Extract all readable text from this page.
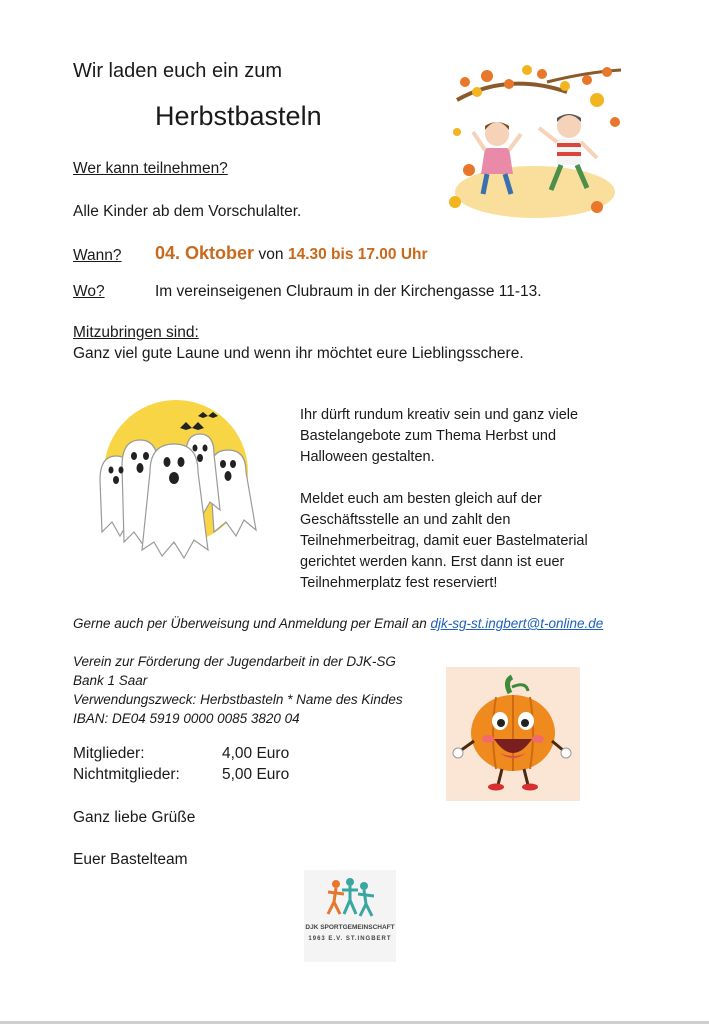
Wir laden euch ein zum
Herbstbasteln
Wer kann teilnehmen?
Alle Kinder ab dem Vorschulalter.
Wann? 04. Oktober von 14.30 bis 17.00 Uhr
Wo?	Im vereinseigenen Clubraum in der Kirchengasse 11-13.
Mitzubringen sind:
Ganz viel gute Laune und wenn ihr möchtet eure Lieblingsschere.
Ihr dürft rundum kreativ sein und ganz viele
Bastelangebote zum Thema Herbst und
Halloween gestalten.
Meldet euch am besten gleich auf der
Geschäftsstelle an und zahlt den
Teilnehmerbeitrag, damit euer Bastelmaterial
gerichtet werden kann. Erst dann ist euer
Teilnehmerplatz fest reserviert!
Gerne auch per Überweisung und Anmeldung per Email an djk-sg-st.ingbert@t-online.de
Verein zur Förderung der Jugendarbeit in der DJK-SG
Bank 1 Saar
Verwendungszweck: Herbstbasteln * Name des Kindes
IBAN: DE04 5919 0000 0085 3820 04
Mitglieder:	4,00 Euro
Nichtmitglieder:	5,00 Euro
Ganz liebe Grüße
Euer Bastelteam
DJK SPORTGEMEINSCHAFT
1963 E.V. ST.INGBERT
